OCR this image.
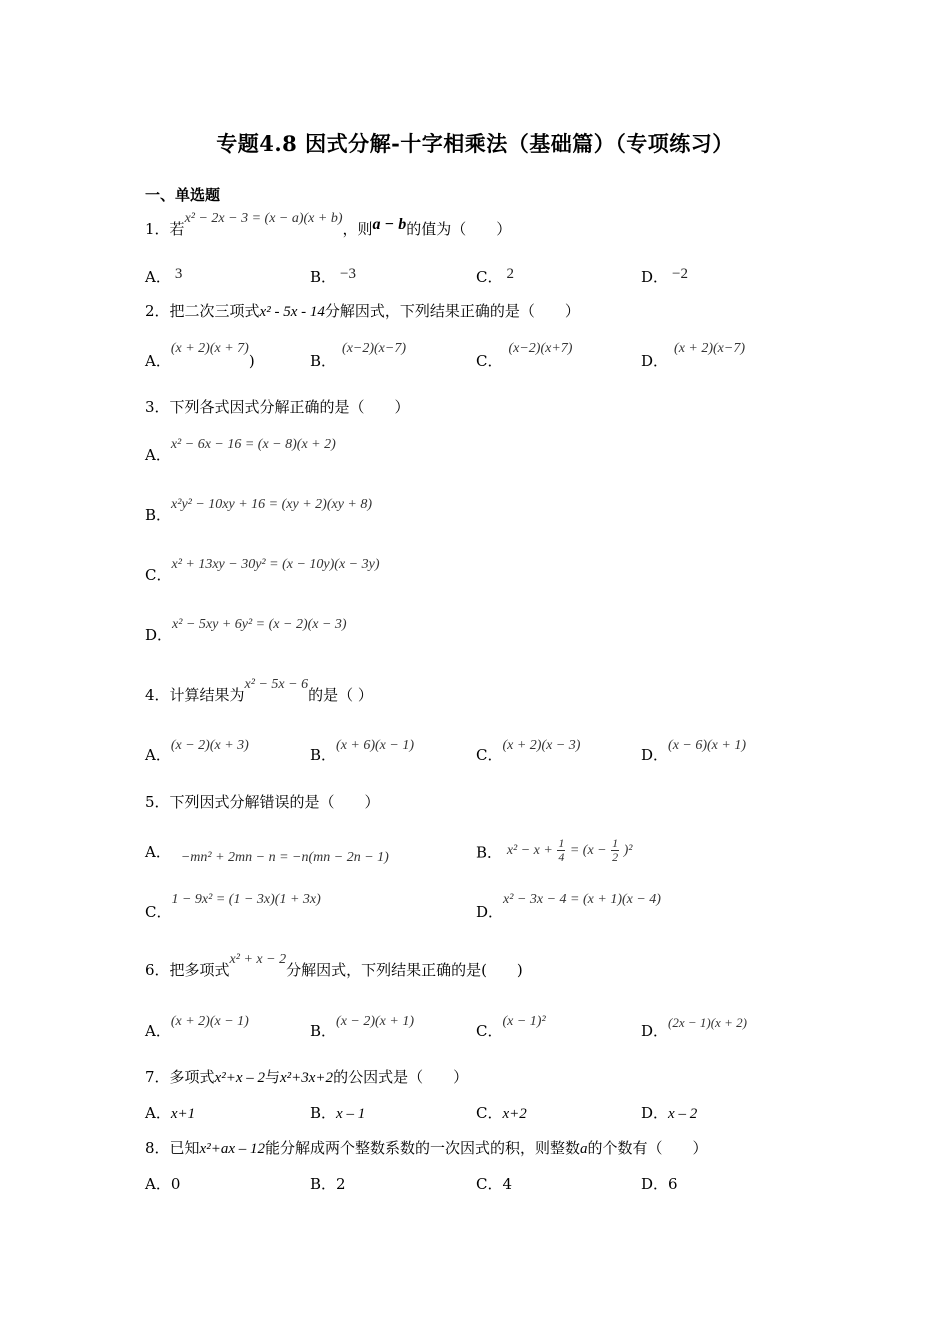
专题4.8 因式分解-十字相乘法（基础篇）（专项练习）
一、单选题
1．若x² − 2x − 3 = (x − a)(x + b)，则a − b的值为（　　）
A． 3	B． −3	C． 2	D． −2
2．把二次三项式x² - 5x - 14分解因式，下列结果正确的是（　　）
A．(x + 2)(x + 7))	B．(x−2)(x−7)
C．(x−2)(x+7)
D．(x + 2)(x−7)
3．下列各式因式分解正确的是（　　）
A．x² − 6x − 16 = (x − 8)(x + 2)
B．x²y² − 10xy + 16 = (xy + 2)(xy + 8)
C．x² + 13xy − 30y² = (x − 10y)(x − 3y)
D．x² − 5xy + 6y² = (x − 2)(x − 3)
4．计算结果为x² − 5x − 6的是（ ）
A．(x − 2)(x + 3)
B．(x + 6)(x − 1)
C．(x + 2)(x − 3)
D．(x − 6)(x + 1)
5．下列因式分解错误的是（　　）
A． −mn² + 2mn − n = −n(mn − 2n − 1)	B． $x^2 - x + \frac{1}{4} = (x - \frac{1}{2} )^2$
C．1 − 9x² = (1 − 3x)(1 + 3x)
D．x² − 3x − 4 = (x + 1)(x − 4)
6．把多项式x² + x − 2分解因式，下列结果正确的是(　　)
A．(x + 2)(x − 1)
B．(x − 2)(x + 1)
C．(x − 1)²
D．(2x − 1)(x + 2)
7．多项式x²+x – 2与x²+3x+2的公因式是（　　）
A．x+1	B．x – 1	C．x+2	D．x – 2
8．已知x²+ax – 12能分解成两个整数系数的一次因式的积，则整数a的个数有（　　）
A．0	B．2	C．4	D．6
